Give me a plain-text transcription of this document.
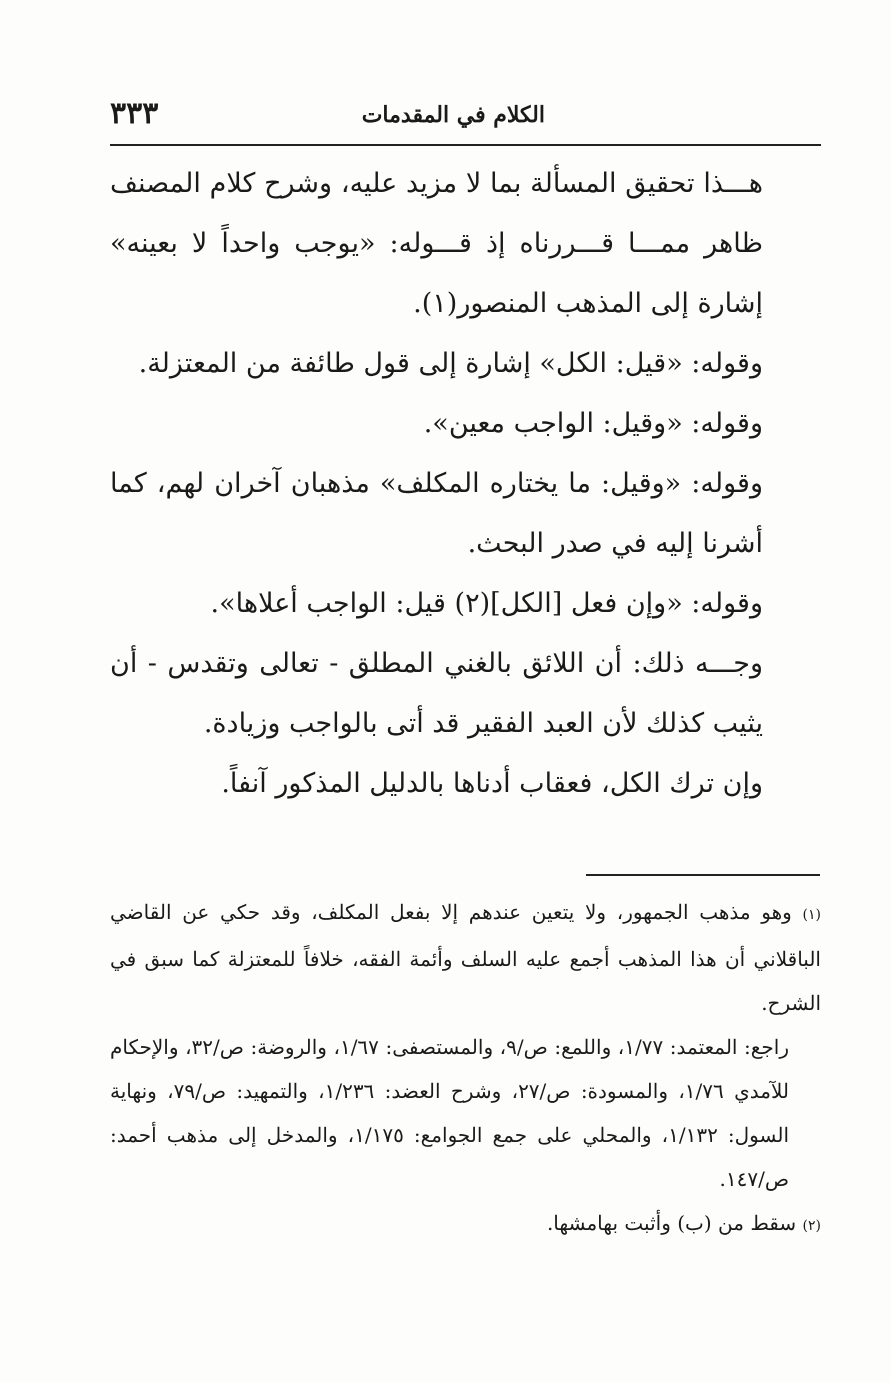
الكلام في المقدمات
٣٣٣

هـــذا تحقيق المسألة بما لا مزيد عليه، وشرح كلام المصنف ظاهر ممـــا قـــررناه إذ قـــوله: «يوجب واحداً لا بعينه» إشارة إلى المذهب المنصور(١).

وقوله: «قيل: الكل» إشارة إلى قول طائفة من المعتزلة.

وقوله: «وقيل: الواجب معين».

وقوله: «وقيل: ما يختاره المكلف» مذهبان آخران لهم، كما أشرنا إليه في صدر البحث.

وقوله: «وإن فعل [الكل](٢) قيل: الواجب أعلاها».

وجـــه ذلك: أن اللائق بالغني المطلق - تعالى وتقدس - أن يثيب كذلك لأن العبد الفقير قد أتى بالواجب وزيادة.

وإن ترك الكل، فعقاب أدناها بالدليل المذكور آنفاً.

(١) وهو مذهب الجمهور، ولا يتعين عندهم إلا بفعل المكلف، وقد حكي عن القاضي الباقلاني أن هذا المذهب أجمع عليه السلف وأئمة الفقه، خلافاً للمعتزلة كما سبق في الشرح.

راجع: المعتمد: ١/٧٧، واللمع: ص/٩، والمستصفى: ١/٦٧، والروضة: ص/٣٢، والإحكام للآمدي ١/٧٦، والمسودة: ص/٢٧، وشرح العضد: ١/٢٣٦، والتمهيد: ص/٧٩، ونهاية السول: ١/١٣٢، والمحلي على جمع الجوامع: ١/١٧٥، والمدخل إلى مذهب أحمد: ص/١٤٧.

(٢) سقط من (ب) وأثبت بهامشها.
